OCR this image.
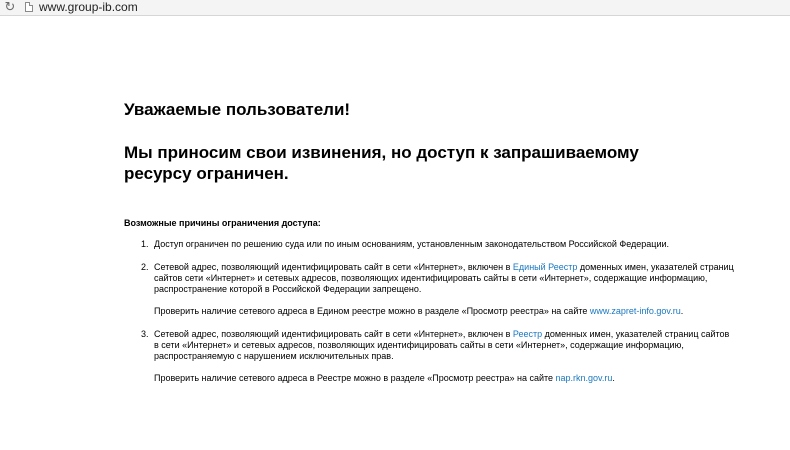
↻ www.group-ib.com
Уважаемые пользователи!
Мы приносим свои извинения, но доступ к запрашиваемому ресурсу ограничен.
Возможные причины ограничения доступа:
1. Доступ ограничен по решению суда или по иным основаниям, установленным законодательством Российской Федерации.

2. Сетевой адрес, позволяющий идентифицировать сайт в сети «Интернет», включен в Единый Реестр доменных имен, указателей страниц сайтов сети «Интернет» и сетевых адресов, позволяющих идентифицировать сайты в сети «Интернет», содержащие информацию, распространение которой в Российской Федерации запрещено.

Проверить наличие сетевого адреса в Едином реестре можно в разделе «Просмотр реестра» на сайте www.zapret-info.gov.ru.

3. Сетевой адрес, позволяющий идентифицировать сайт в сети «Интернет», включен в Реестр доменных имен, указателей страниц сайтов в сети «Интернет» и сетевых адресов, позволяющих идентифицировать сайты в сети «Интернет», содержащие информацию, распространяемую с нарушением исключительных прав.

Проверить наличие сетевого адреса в Реестре можно в разделе «Просмотр реестра» на сайте nap.rkn.gov.ru.
